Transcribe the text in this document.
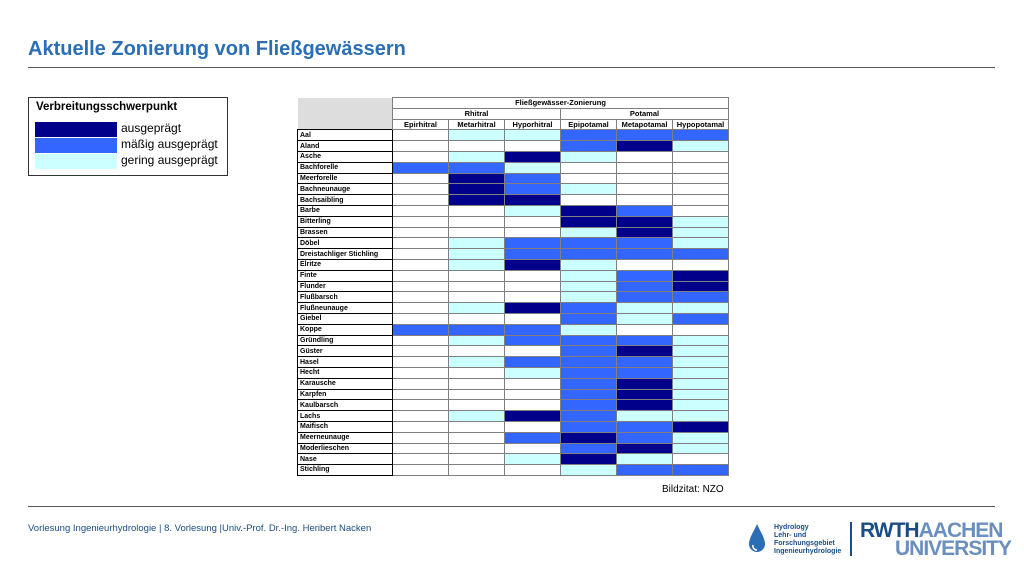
Aktuelle Zonierung von Fließgewässern
Verbreitungsschwerpunkt
ausgeprägt
mäßig ausgeprägt
gering ausgeprägt
	Fließgewässer-Zonierung					
	Rhitral			Potamal		
	Epirhitral	Metarhitral	Hyporhitral	Epipotamal	Metapotamal	Hypopotamal
Aal						
Aland						
Asche						
Bachforelle						
Meerforelle						
Bachneunauge						
Bachsaibling						
Barbe						
Bitterling						
Brassen						
Döbel						
Dreistachliger Stichling						
Elritze						
Finte						
Flunder						
Flußbarsch						
Flußneunauge						
Giebel						
Koppe						
Gründling						
Güster						
Hasel						
Hecht						
Karausche						
Karpfen						
Kaulbarsch						
Lachs						
Maifisch						
Meerneunauge						
Moderlieschen						
Nase						
Stichling						
Bildzitat: NZO
Vorlesung Ingenieurhydrologie | 8. Vorlesung |Univ.-Prof. Dr.-Ing. Heribert Nacken	Hydrology
Lehr- und
Forschungsgebiet
Ingenieurhydrologie
RWTHAACHEN
UNIVERSITY
